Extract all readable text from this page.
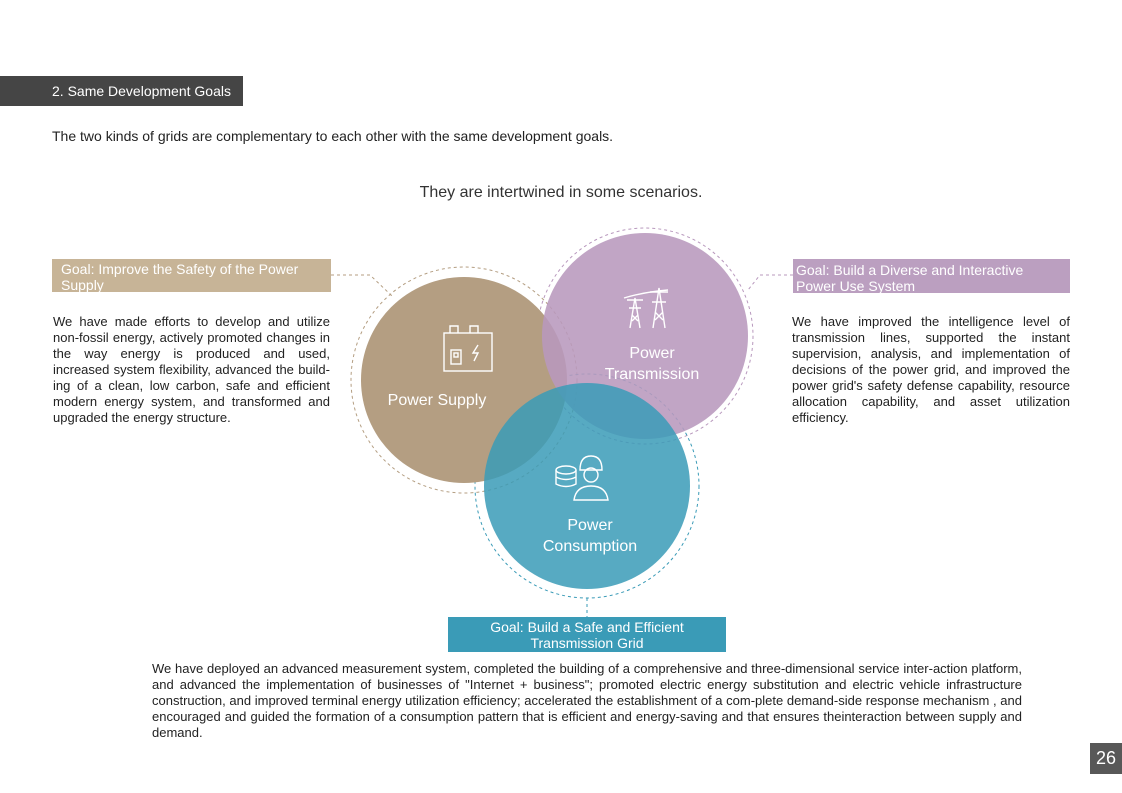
2. Same Development Goals
The two kinds of grids are complementary to each other with the same development goals.
They are intertwined in some scenarios.
Power Supply
Power
Transmission
Power
Consumption
Goal: Improve the Safety of the Power Supply

We have made efforts to develop and utilize non-fossil energy, actively promoted changes in the way energy is produced and used, increased system flexibility, advanced the build-ing of a clean, low carbon, safe and efficient modern energy system, and transformed and upgraded the energy structure.

Goal: Build a Diverse and Interactive Power Use System

We have improved the intelligence level of transmission lines, supported the instant supervision, analysis, and implementation of decisions of the power grid, and improved the power grid's safety defense capability, resource allocation capability, and asset utilization efficiency.

Goal: Build a Safe and Efficient Transmission Grid

We have deployed an advanced measurement system, completed the building of a comprehensive and three-dimensional service inter-action platform, and advanced the implementation of businesses of "Internet + business"; promoted electric energy substitution and electric vehicle infrastructure construction, and improved terminal energy utilization efficiency; accelerated the establishment of a com-plete demand-side response mechanism , and encouraged and guided the formation of a consumption pattern that is efficient and energy-saving and that ensures theinteraction between supply and demand.

26
